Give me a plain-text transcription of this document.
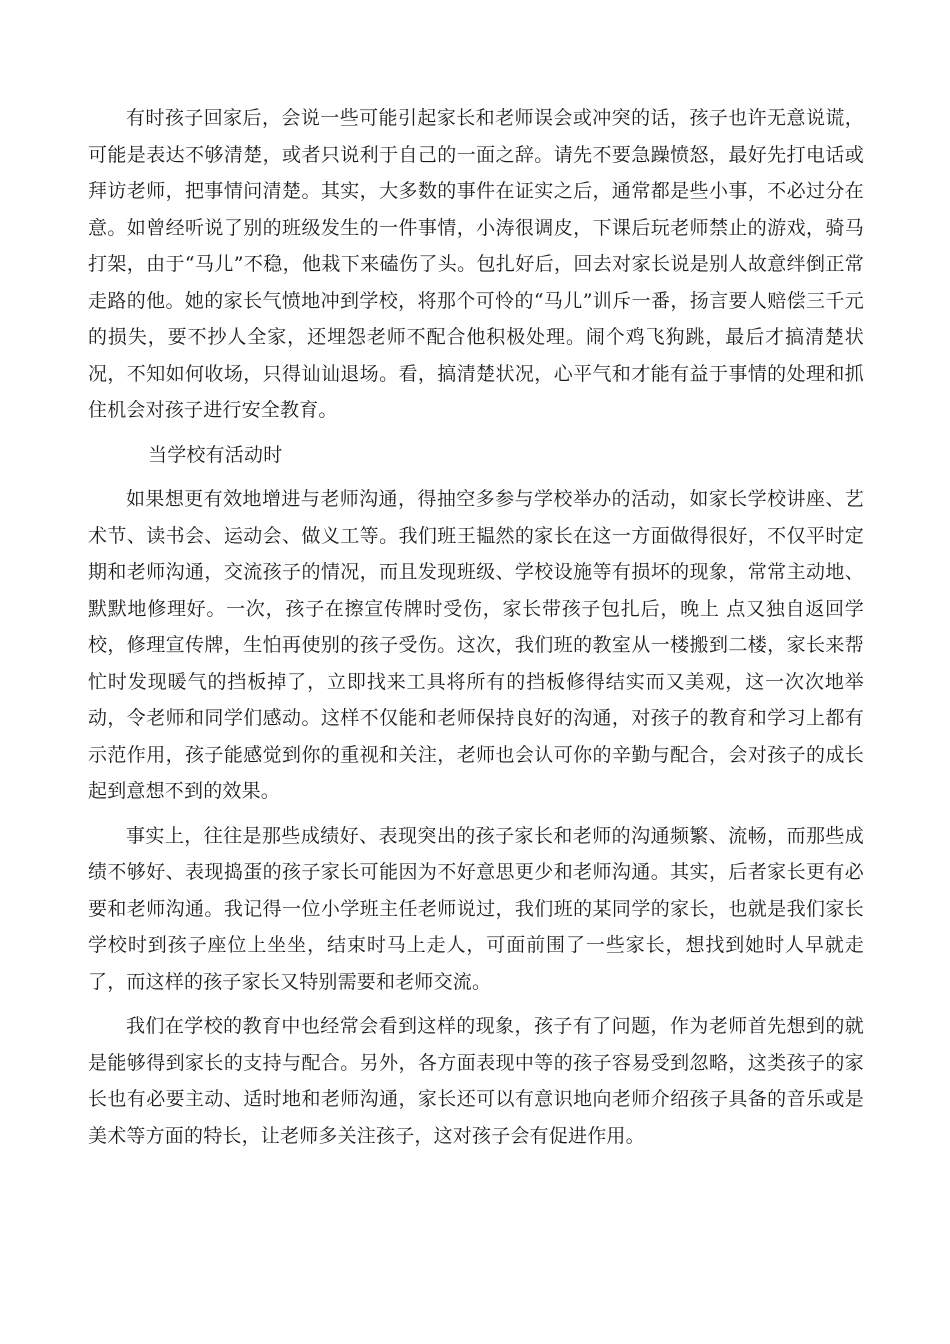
有时孩子回家后，会说一些可能引起家长和老师误会或冲突的话，孩子也许无意说谎，可能是表达不够清楚，或者只说利于自己的一面之辞。请先不要急躁愤怒，最好先打电话或拜访老师，把事情问清楚。其实，大多数的事件在证实之后，通常都是些小事，不必过分在意。如曾经听说了别的班级发生的一件事情，小涛很调皮，下课后玩老师禁止的游戏，骑马打架，由于“马儿”不稳，他栽下来磕伤了头。包扎好后，回去对家长说是别人故意绊倒正常走路的他。她的家长气愤地冲到学校，将那个可怜的“马儿”训斥一番，扬言要人赔偿三千元的损失，要不抄人全家，还埋怨老师不配合他积极处理。闹个鸡飞狗跳，最后才搞清楚状况，不知如何收场，只得讪讪退场。看，搞清楚状况，心平气和才能有益于事情的处理和抓住机会对孩子进行安全教育。

当学校有活动时

如果想更有效地增进与老师沟通，得抽空多参与学校举办的活动，如家长学校讲座、艺术节、读书会、运动会、做义工等。我们班王韫然的家长在这一方面做得很好，不仅平时定期和老师沟通，交流孩子的情况，而且发现班级、学校设施等有损坏的现象，常常主动地、默默地修理好。一次，孩子在擦宣传牌时受伤，家长带孩子包扎后，晚上 点又独自返回学校，修理宣传牌，生怕再使别的孩子受伤。这次，我们班的教室从一楼搬到二楼，家长来帮忙时发现暖气的挡板掉了，立即找来工具将所有的挡板修得结实而又美观，这一次次地举动，令老师和同学们感动。这样不仅能和老师保持良好的沟通，对孩子的教育和学习上都有示范作用，孩子能感觉到你的重视和关注，老师也会认可你的辛勤与配合，会对孩子的成长起到意想不到的效果。

事实上，往往是那些成绩好、表现突出的孩子家长和老师的沟通频繁、流畅，而那些成绩不够好、表现捣蛋的孩子家长可能因为不好意思更少和老师沟通。其实，后者家长更有必要和老师沟通。我记得一位小学班主任老师说过，我们班的某同学的家长，也就是我们家长学校时到孩子座位上坐坐，结束时马上走人，可面前围了一些家长，想找到她时人早就走了，而这样的孩子家长又特别需要和老师交流。

我们在学校的教育中也经常会看到这样的现象，孩子有了问题，作为老师首先想到的就是能够得到家长的支持与配合。另外，各方面表现中等的孩子容易受到忽略，这类孩子的家长也有必要主动、适时地和老师沟通，家长还可以有意识地向老师介绍孩子具备的音乐或是美术等方面的特长，让老师多关注孩子，这对孩子会有促进作用。
